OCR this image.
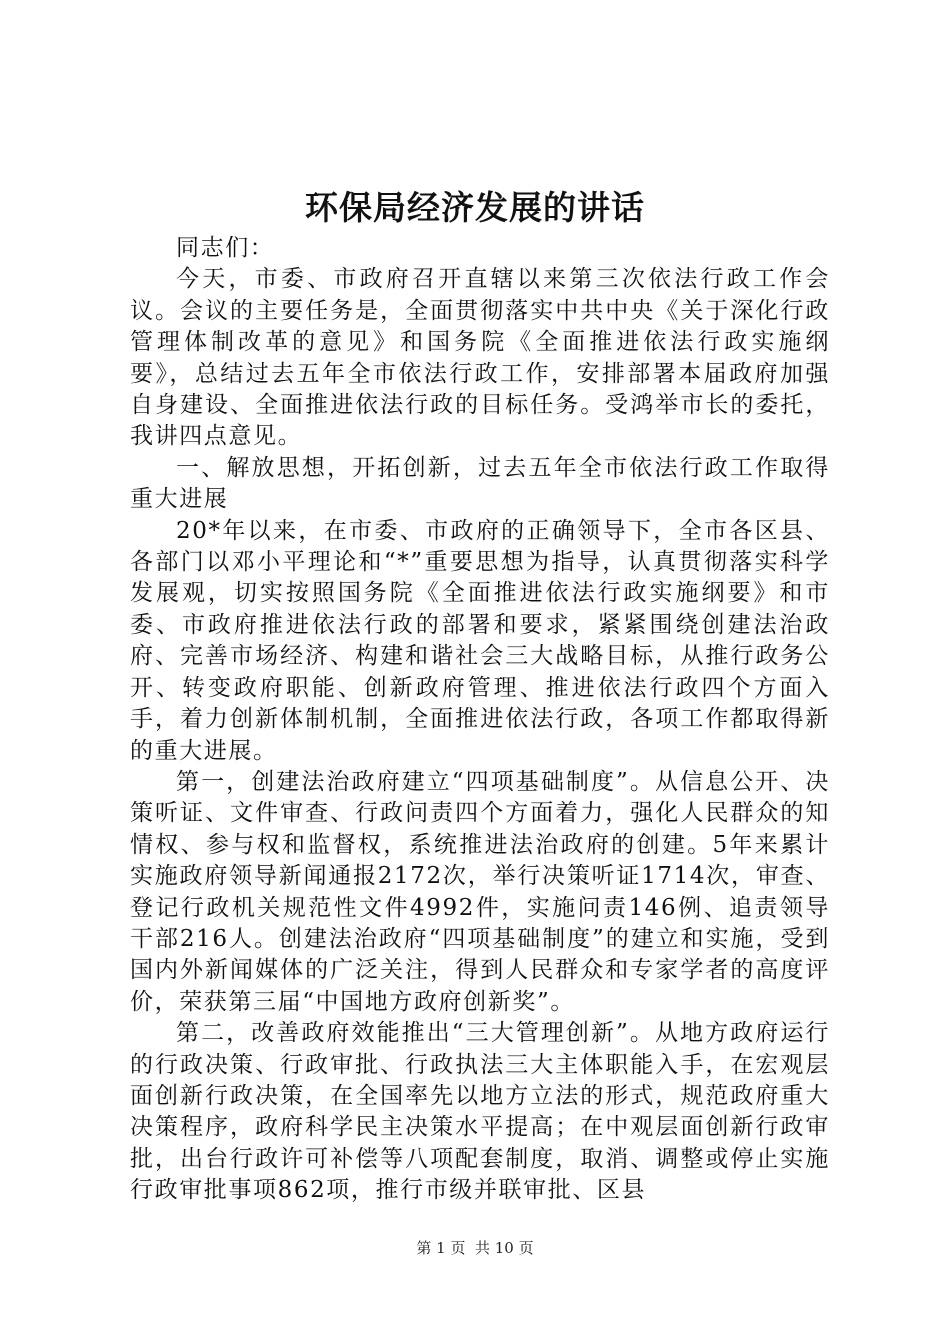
环保局经济发展的讲话

同志们：

今天，市委、市政府召开直辖以来第三次依法行政工作会议。会议的主要任务是，全面贯彻落实中共中央《关于深化行政管理体制改革的意见》和国务院《全面推进依法行政实施纲要》，总结过去五年全市依法行政工作，安排部署本届政府加强自身建设、全面推进依法行政的目标任务。受鸿举市长的委托，我讲四点意见。

一、解放思想，开拓创新，过去五年全市依法行政工作取得重大进展

20*年以来，在市委、市政府的正确领导下，全市各区县、各部门以邓小平理论和“*”重要思想为指导，认真贯彻落实科学发展观，切实按照国务院《全面推进依法行政实施纲要》和市委、市政府推进依法行政的部署和要求，紧紧围绕创建法治政府、完善市场经济、构建和谐社会三大战略目标，从推行政务公开、转变政府职能、创新政府管理、推进依法行政四个方面入手，着力创新体制机制，全面推进依法行政，各项工作都取得新的重大进展。

第一，创建法治政府建立“四项基础制度”。从信息公开、决策听证、文件审查、行政问责四个方面着力，强化人民群众的知情权、参与权和监督权，系统推进法治政府的创建。5年来累计实施政府领导新闻通报2172次，举行决策听证1714次，审查、登记行政机关规范性文件4992件，实施问责146例、追责领导干部216人。创建法治政府“四项基础制度”的建立和实施，受到国内外新闻媒体的广泛关注，得到人民群众和专家学者的高度评价，荣获第三届“中国地方政府创新奖”。

第二，改善政府效能推出“三大管理创新”。从地方政府运行的行政决策、行政审批、行政执法三大主体职能入手，在宏观层面创新行政决策，在全国率先以地方立法的形式，规范政府重大决策程序，政府科学民主决策水平提高；在中观层面创新行政审批，出台行政许可补偿等八项配套制度，取消、调整或停止实施行政审批事项862项，推行市级并联审批、区县

第 1 页  共 10 页
